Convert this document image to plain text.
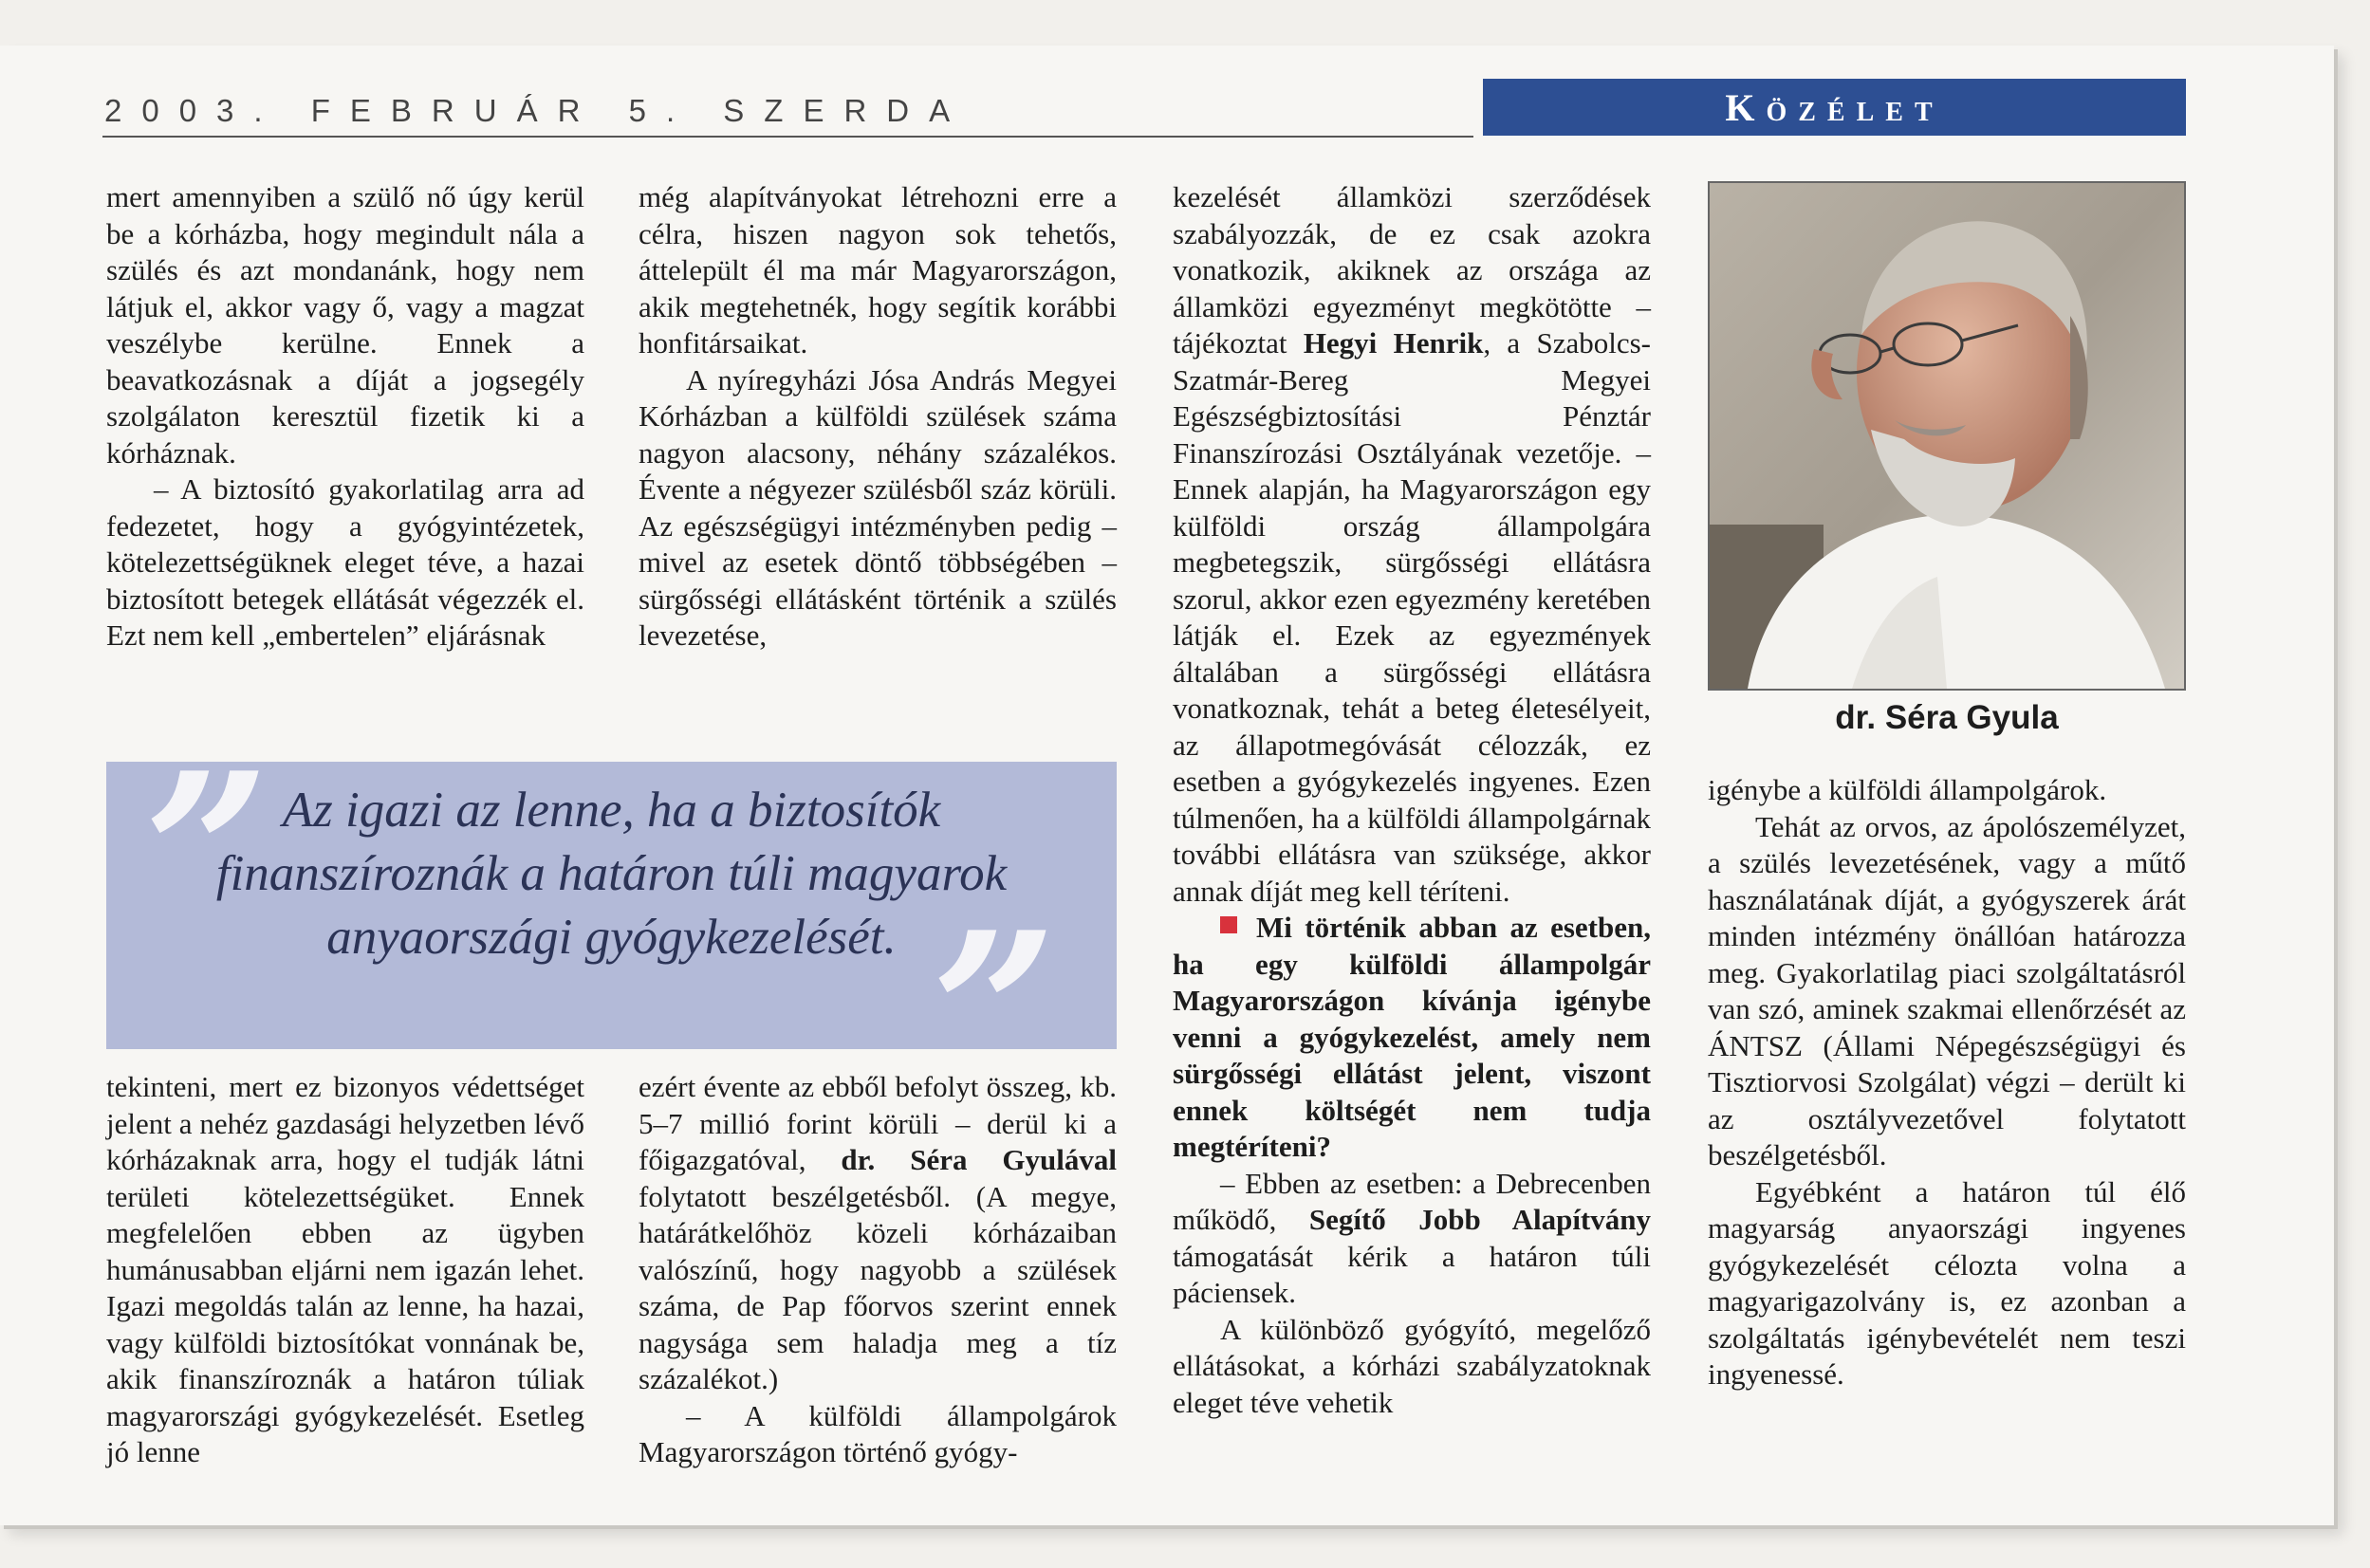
2003. FEBRUÁR 5. SZERDA	Közélet

mert amennyiben a szülő nő úgy kerül be a kórházba, hogy megindult nála a szülés és azt mondanánk, hogy nem látjuk el, akkor vagy ő, vagy a magzat veszélybe kerülne. Ennek a beavatkozásnak a díját a jogsegély szolgálaton keresztül fizetik ki a kórháznak.

– A biztosító gyakorlatilag arra ad fedezetet, hogy a gyógyintézetek, kötelezettségüknek eleget téve, a hazai biztosított betegek ellátását végezzék el. Ezt nem kell „embertelen” eljárásnak

még alapítványokat létrehozni erre a célra, hiszen nagyon sok tehetős, áttelepült él ma már Magyarországon, akik megtehetnék, hogy segítik korábbi honfitársaikat.

A nyíregyházi Jósa András Megyei Kórházban a külföldi szülések száma nagyon alacsony, néhány százalékos. Évente a négyezer szülésből száz körüli. Az egészségügyi intézményben pedig – mivel az esetek döntő többségében – sürgősségi ellátásként történik a szülés levezetése,

”
”
Az igazi az lenne, ha a biztosítók finanszíroznák a határon túli magyarok anyaországi gyógykezelését.

tekinteni, mert ez bizonyos védettséget jelent a nehéz gazdasági helyzetben lévő kórházaknak arra, hogy el tudják látni területi kötelezettségüket. Ennek megfelelően ebben az ügyben humánusabban eljárni nem igazán lehet. Igazi megoldás talán az lenne, ha hazai, vagy külföldi biztosítókat vonnának be, akik finanszíroznák a határon túliak magyarországi gyógykezelését. Esetleg jó lenne

ezért évente az ebből befolyt összeg, kb. 5–7 millió forint körüli – derül ki a főigazgatóval, dr. Séra Gyulával folytatott beszélgetésből. (A megye, határátkelőhöz közeli kórházaiban valószínű, hogy nagyobb a szülések száma, de Pap főorvos szerint ennek nagysága sem haladja meg a tíz százalékot.)

– A külföldi állampolgárok Magyarországon történő gyógy-

kezelését államközi szerződések szabályozzák, de ez csak azokra vonatkozik, akiknek az országa az államközi egyezményt megkötötte – tájékoztat Hegyi Henrik, a Szabolcs-Szatmár-Bereg Megyei Egészségbiztosítási Pénztár Finanszírozási Osztályának vezetője. – Ennek alapján, ha Magyarországon egy külföldi ország állampolgára megbetegszik, sürgősségi ellátásra szorul, akkor ezen egyezmény keretében látják el. Ezek az egyezmények általában a sürgősségi ellátásra vonatkoznak, tehát a beteg életesélyeit, az állapotmegóvását célozzák, ez esetben a gyógykezelés ingyenes. Ezen túlmenően, ha a külföldi állampolgárnak további ellátásra van szüksége, akkor annak díját meg kell téríteni.

Mi történik abban az esetben, ha egy külföldi állampolgár Magyarországon kívánja igénybe venni a gyógykezelést, amely nem sürgősségi ellátást jelent, viszont ennek költségét nem tudja megtéríteni?

– Ebben az esetben: a Debrecenben működő, Segítő Jobb Alapítvány támogatását kérik a határon túli páciensek.

A különböző gyógyító, megelőző ellátásokat, a kórházi szabályzatoknak eleget téve vehetik

dr. Séra Gyula

igénybe a külföldi állampolgárok.

Tehát az orvos, az ápolószemélyzet, a szülés levezetésének, vagy a műtő használatának díját, a gyógyszerek árát minden intézmény önállóan határozza meg. Gyakorlatilag piaci szolgáltatásról van szó, aminek szakmai ellenőrzését az ÁNTSZ (Állami Népegészségügyi és Tisztiorvosi Szolgálat) végzi – derült ki az osztályvezetővel folytatott beszélgetésből.

Egyébként a határon túl élő magyarság anyaországi ingyenes gyógykezelését célozta volna a magyarigazolvány is, ez azonban a szolgáltatás igénybevételét nem teszi ingyenessé.
